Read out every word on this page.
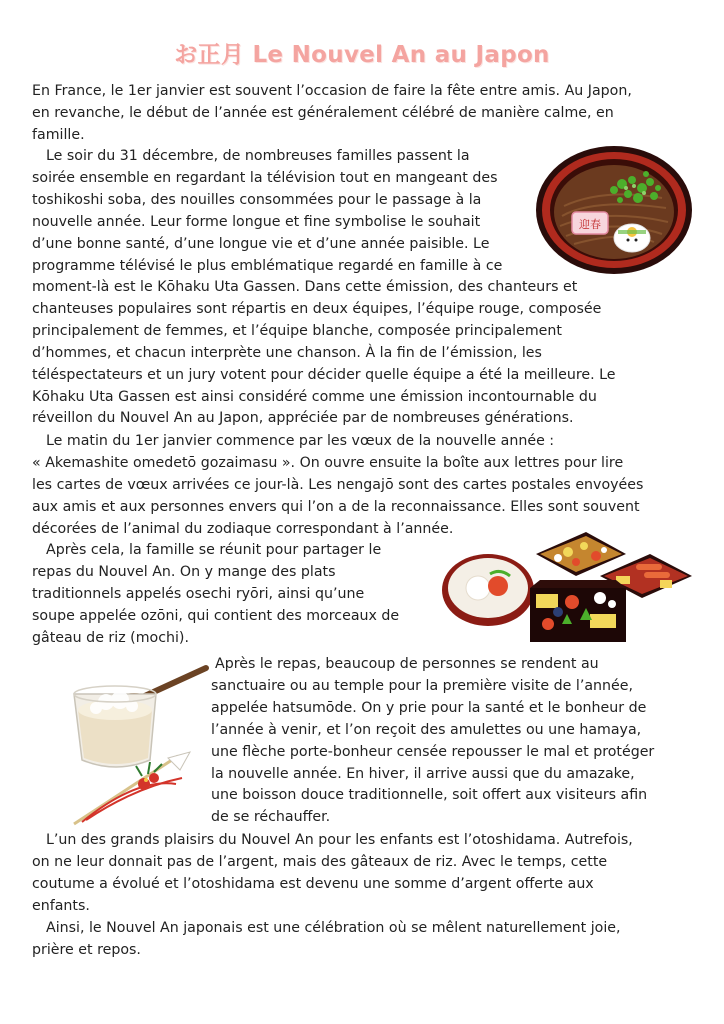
お正月 Le Nouvel An au Japon
En France, le 1er janvier est souvent l’occasion de faire la fête entre amis. Au Japon,
en revanche, le début de l’année est généralement célébré de manière calme, en
famille.
Le soir du 31 décembre, de nombreuses familles passent la
soirée ensemble en regardant la télévision tout en mangeant des
toshikoshi soba, des nouilles consommées pour le passage à la
nouvelle année. Leur forme longue et fine symbolise le souhait
d’une bonne santé, d’une longue vie et d’une année paisible. Le
programme télévisé le plus emblématique regardé en famille à ce
moment-là est le Kōhaku Uta Gassen. Dans cette émission, des chanteurs et
chanteuses populaires sont répartis en deux équipes, l’équipe rouge, composée
principalement de femmes, et l’équipe blanche, composée principalement
d’hommes, et chacun interprète une chanson. À la fin de l’émission, les
téléspectateurs et un jury votent pour décider quelle équipe a été la meilleure. Le
Kōhaku Uta Gassen est ainsi considéré comme une émission incontournable du
réveillon du Nouvel An au Japon, appréciée par de nombreuses générations.
Le matin du 1er janvier commence par les vœux de la nouvelle année :
« Akemashite omedetō gozaimasu ». On ouvre ensuite la boîte aux lettres pour lire
les cartes de vœux arrivées ce jour-là. Les nengajō sont des cartes postales envoyées
aux amis et aux personnes envers qui l’on a de la reconnaissance. Elles sont souvent
décorées de l’animal du zodiaque correspondant à l’année.
Après cela, la famille se réunit pour partager le
repas du Nouvel An. On y mange des plats
traditionnels appelés osechi ryōri, ainsi qu’une
soupe appelée ozōni, qui contient des morceaux de
gâteau de riz (mochi).
Après le repas, beaucoup de personnes se rendent au
sanctuaire ou au temple pour la première visite de l’année,
appelée hatsumōde. On y prie pour la santé et le bonheur de
l’année à venir, et l’on reçoit des amulettes ou une hamaya,
une flèche porte-bonheur censée repousser le mal et protéger
la nouvelle année. En hiver, il arrive aussi que du amazake,
une boisson douce traditionnelle, soit offert aux visiteurs afin
de se réchauffer.
L’un des grands plaisirs du Nouvel An pour les enfants est l’otoshidama. Autrefois,
on ne leur donnait pas de l’argent, mais des gâteaux de riz. Avec le temps, cette
coutume a évolué et l’otoshidama est devenu une somme d’argent offerte aux
enfants.
Ainsi, le Nouvel An japonais est une célébration où se mêlent naturellement joie,
prière et repos.
迎春
